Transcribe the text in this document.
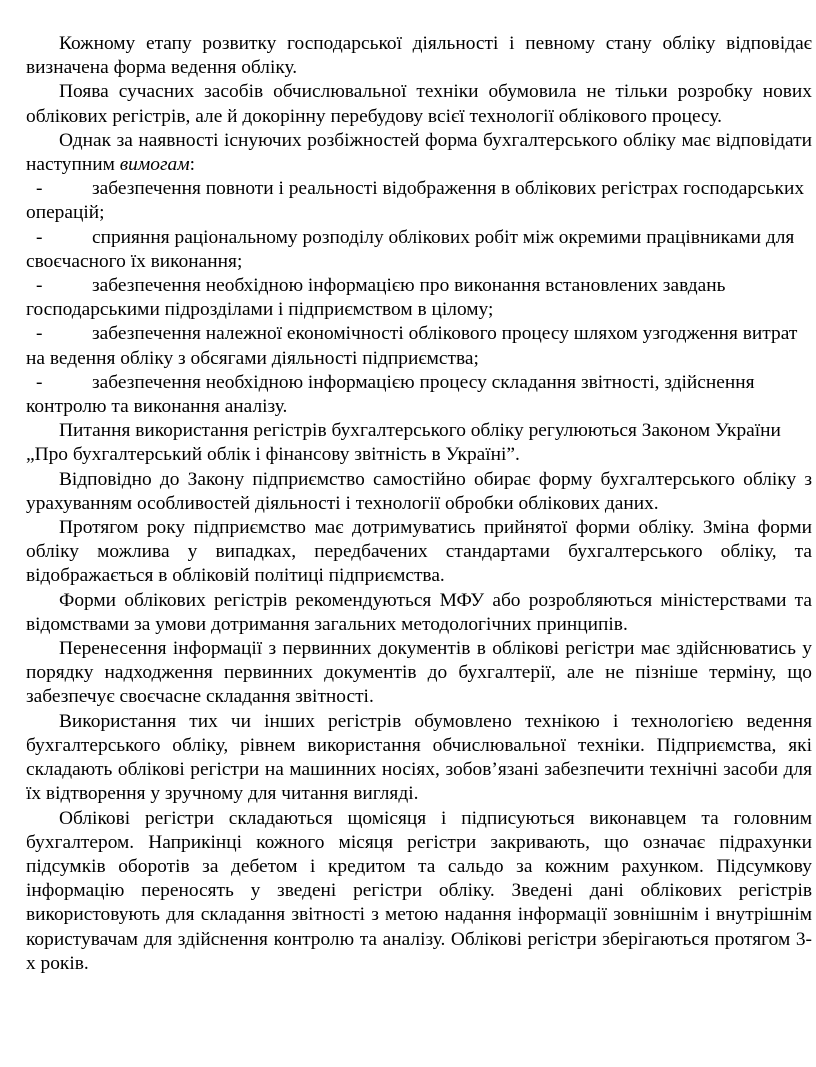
Кожному етапу розвитку господарської діяльності і певному стану обліку відповідає визначена форма ведення обліку.

Поява сучасних засобів обчислювальної техніки обумовила не тільки розробку нових облікових регістрів, але й докорінну перебудову всієї технології облікового процесу.

Однак за наявності існуючих розбіжностей форма бухгалтерського обліку має відповідати наступним вимогам:

-	забезпечення повноти і реальності відображення в облікових регістрах господарських операцій;

-	сприяння раціональному розподілу облікових робіт між окремими працівниками для своєчасного їх виконання;

-	забезпечення необхідною інформацією про виконання встановлених завдань господарськими підрозділами і підприємством в цілому;

-	забезпечення належної економічності облікового процесу шляхом узгодження витрат на ведення обліку з обсягами діяльності підприємства;

-	забезпечення необхідною інформацією процесу складання звітності, здійснення контролю та виконання аналізу.

Питання використання регістрів бухгалтерського обліку регулюються Законом України „Про бухгалтерський облік і фінансову звітність в Україні”.

Відповідно до Закону підприємство самостійно обирає форму бухгалтерського обліку з урахуванням особливостей діяльності і технології обробки облікових даних.

Протягом року підприємство має дотримуватись прийнятої форми обліку. Зміна форми обліку можлива у випадках, передбачених стандартами бухгалтерського обліку, та відображається в обліковій політиці підприємства.

Форми облікових регістрів рекомендуються МФУ або розробляються міністерствами та відомствами за умови дотримання загальних методологічних принципів.

Перенесення інформації з первинних документів в облікові регістри має здійснюватись у порядку надходження первинних документів до бухгалтерії, але не пізніше терміну, що забезпечує своєчасне складання звітності.

Використання тих чи інших регістрів обумовлено технікою і технологією ведення бухгалтерського обліку, рівнем використання обчислювальної техніки. Підприємства, які складають облікові регістри на машинних носіях, зобов’язані забезпечити технічні засоби для їх відтворення у зручному для читання вигляді.

Облікові регістри складаються щомісяця і підписуються виконавцем та головним бухгалтером. Наприкінці кожного місяця регістри закривають, що означає підрахунки підсумків оборотів за дебетом і кредитом та сальдо за кожним рахунком. Підсумкову інформацію переносять у зведені регістри обліку. Зведені дані облікових регістрів використовують для складання звітності з метою надання інформації зовнішнім і внутрішнім користувачам для здійснення контролю та аналізу. Облікові регістри зберігаються протягом 3-х років.
